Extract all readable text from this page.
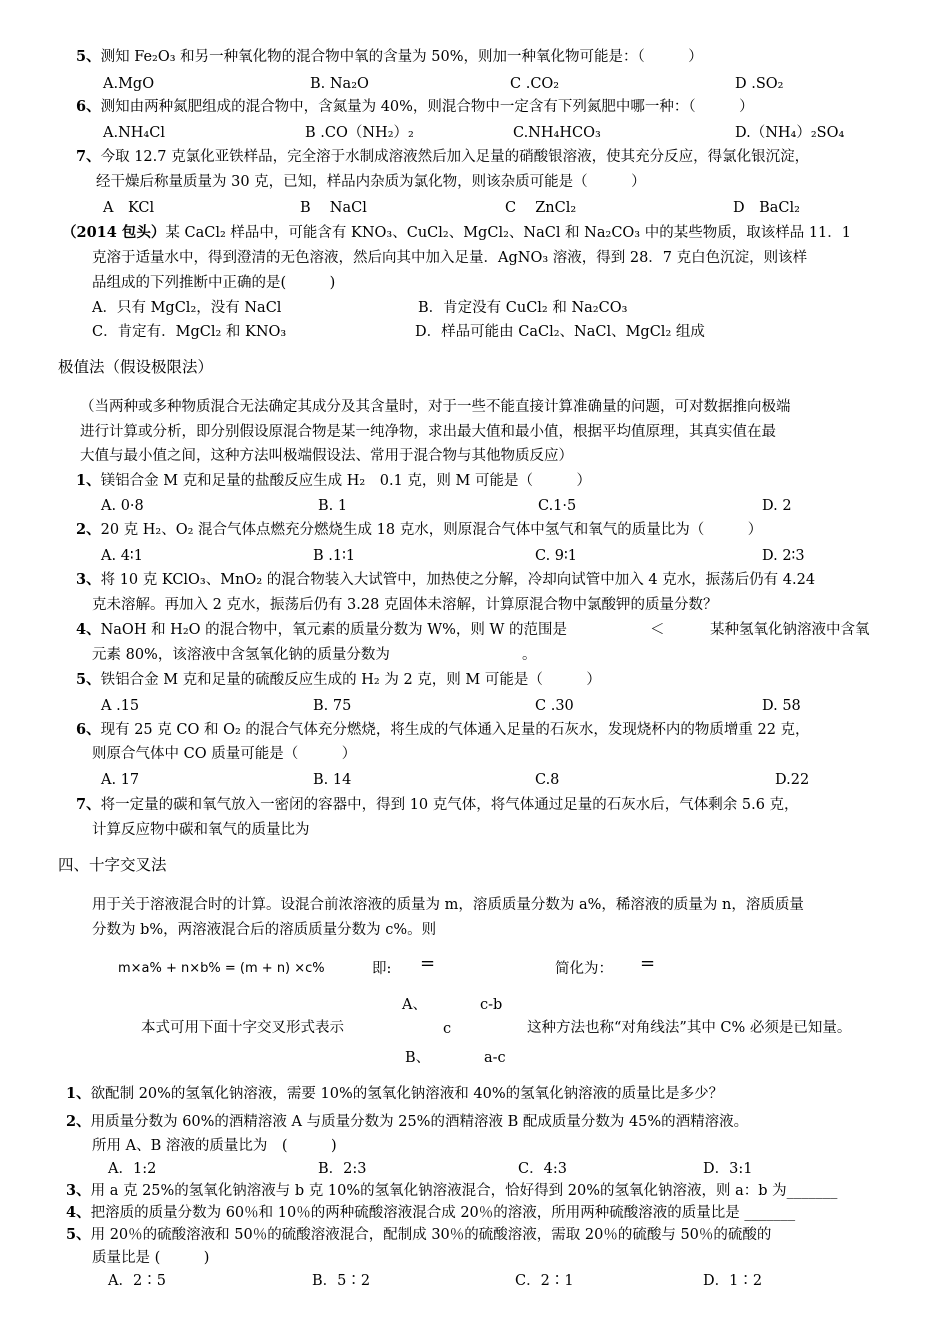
5、测知 Fe₂O₃ 和另一种氧化物的混合物中氧的含量为 50%，则加一种氧化物可能是：（　　　）
A.MgO	B. Na₂O	C .CO₂	D .SO₂
6、测知由两种氮肥组成的混合物中，含氮量为 40%，则混合物中一定含有下列氮肥中哪一种：（　　　）
A.NH₄Cl	B .CO（NH₂）₂	C.NH₄HCO₃	D.（NH₄）₂SO₄
7、今取 12.7 克氯化亚铁样品，完全溶于水制成溶液然后加入足量的硝酸银溶液，使其充分反应，得氯化银沉淀，
经干燥后称量质量为 30 克，已知，样品内杂质为氯化物，则该杂质可能是（　　　）
A　KCl	B　 NaCl	C　 ZnCl₂	D　BaCl₂
（2014 包头）某 CaCl₂ 样品中，可能含有 KNO₃、CuCl₂、MgCl₂、NaCl 和 Na₂CO₃ 中的某些物质，取该样品 11．1
克溶于适量水中，得到澄清的无色溶液，然后向其中加入足量．AgNO₃ 溶液，得到 28．7 克白色沉淀，则该样
品组成的下列推断中正确的是(　　　)
A．只有 MgCl₂，没有 NaCl	B．肯定没有 CuCl₂ 和 Na₂CO₃
C．肯定有．MgCl₂ 和 KNO₃	D．样品可能由 CaCl₂、NaCl、MgCl₂ 组成
极值法（假设极限法）
（当两种或多种物质混合无法确定其成分及其含量时，对于一些不能直接计算准确量的问题，可对数据推向极端
进行计算或分析，即分别假设原混合物是某一纯净物，求出最大值和最小值，根据平均值原理，其真实值在最
大值与最小值之间，这种方法叫极端假设法、常用于混合物与其他物质反应）
1、镁铝合金 M 克和足量的盐酸反应生成 H₂　0.1 克，则 M 可能是（　　　）
A. 0·8	B. 1	C.1·5	D. 2
2、20 克 H₂、O₂ 混合气体点燃充分燃烧生成 18 克水，则原混合气体中氢气和氧气的质量比为（　　　）
A. 4∶1	B .1∶1	C. 9∶1	D. 2∶3
3、将 10 克 KClO₃、MnO₂ 的混合物装入大试管中，加热使之分解，冷却向试管中加入 4 克水，振荡后仍有 4.24
克未溶解。再加入 2 克水，振荡后仍有 3.28 克固体未溶解，计算原混合物中氯酸钾的质量分数？
4、NaOH 和 H₂O 的混合物中，氧元素的质量分数为 W%，则 W 的范围是	＜	某种氢氧化钠溶液中含氧
元素 80%，该溶液中含氢氧化钠的质量分数为	。
5、铁铝合金 M 克和足量的硫酸反应生成的 H₂ 为 2 克，则 M 可能是（　　　）
A .15	B. 75	C .30	D. 58
6、现有 25 克 CO 和 O₂ 的混合气体充分燃烧，将生成的气体通入足量的石灰水，发现烧杯内的物质增重 22 克，
则原合气体中 CO 质量可能是（　　　）
A. 17	B. 14	C.8	D.22
7、将一定量的碳和氧气放入一密闭的容器中，得到 10 克气体，将气体通过足量的石灰水后，气体剩余 5.6 克，
计算反应物中碳和氧气的质量比为
四、十字交叉法
用于关于溶液混合时的计算。设混合前浓溶液的质量为 m，溶质质量分数为 a%，稀溶液的质量为 n，溶质质量
分数为 b%，两溶液混合后的溶质质量分数为 c%。则
m×a% + n×b% = (m + n) ×c%	即: =	简化为： =
A、	c-b
本式可用下面十字交叉形式表示	c	这种方法也称“对角线法”其中 C% 必须是已知量。
B、	a-c
1、欲配制 20%的氢氧化钠溶液，需要 10%的氢氧化钠溶液和 40%的氢氧化钠溶液的质量比是多少？
2、用质量分数为 60%的酒精溶液 A 与质量分数为 25%的酒精溶液 B 配成质量分数为 45%的酒精溶液。
所用 A、B 溶液的质量比为　(　　　)
A．1:2	B．2:3	C．4:3	D．3:1
3、用 a 克 25%的氢氧化钠溶液与 b 克 10%的氢氧化钠溶液混合，恰好得到 20%的氢氧化钠溶液，则 a：b 为_______
4、把溶质的质量分数为 60％和 10％的两种硫酸溶液混合成 20％的溶液，所用两种硫酸溶液的质量比是 _______
5、用 20％的硫酸溶液和 50％的硫酸溶液混合，配制成 30％的硫酸溶液，需取 20％的硫酸与 50％的硫酸的
质量比是 (　　　)
A．2∶5	B．5∶2	C．2∶1	D．1∶2
